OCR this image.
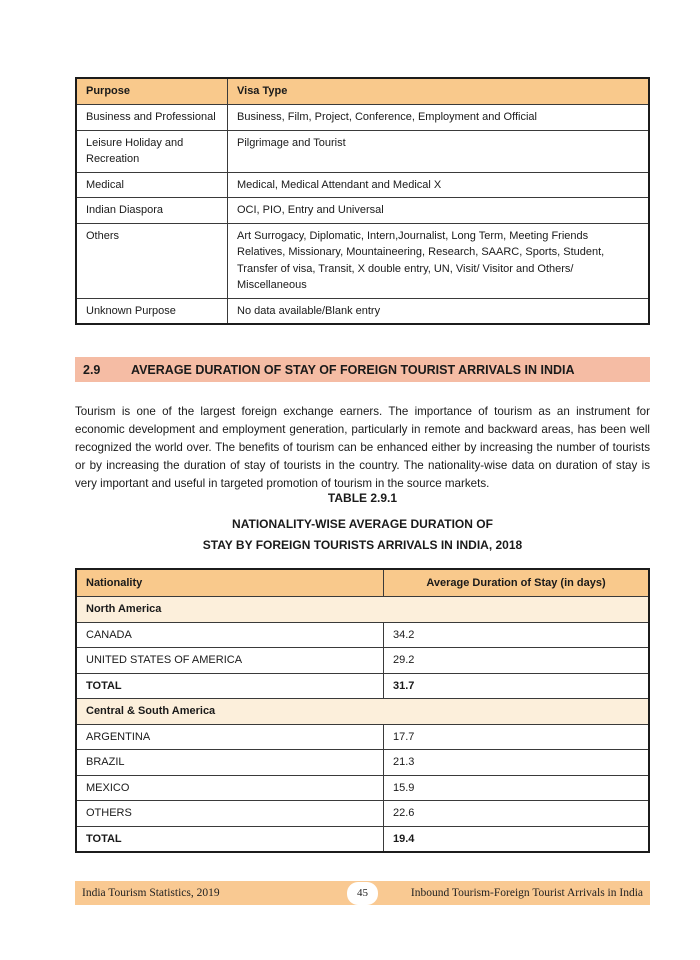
Purpose	Visa Type
Business and Professional	Business, Film, Project, Conference, Employment and Official
Leisure Holiday and Recreation	Pilgrimage and Tourist
Medical	Medical, Medical Attendant and Medical X
Indian Diaspora	OCI, PIO, Entry and Universal
Others	Art Surrogacy, Diplomatic, Intern,Journalist, Long Term, Meeting Friends Relatives, Missionary, Mountaineering, Research, SAARC, Sports, Student, Transfer of visa, Transit, X double entry, UN, Visit/ Visitor and Others/ Miscellaneous
Unknown Purpose	No data available/Blank entry
2.9	AVERAGE DURATION OF STAY OF FOREIGN TOURIST ARRIVALS IN INDIA

Tourism is one of the largest foreign exchange earners. The importance of tourism as an instrument for economic development and employment generation, particularly in remote and backward areas, has been well recognized the world over. The benefits of tourism can be enhanced either by increasing the number of tourists or by increasing the duration of stay of tourists in the country. The nationality-wise data on duration of stay is very important and useful in targeted promotion of tourism in the source markets.

TABLE 2.9.1
NATIONALITY-WISE AVERAGE DURATION OF
STAY BY FOREIGN TOURISTS ARRIVALS IN INDIA, 2018
Nationality	Average Duration of Stay (in days)
North America	
CANADA	34.2
UNITED STATES OF AMERICA	29.2
TOTAL	31.7
Central & South America	
ARGENTINA	17.7
BRAZIL	21.3
MEXICO	15.9
OTHERS	22.6
TOTAL	19.4
India Tourism Statistics, 2019	45	Inbound Tourism-Foreign Tourist Arrivals in India
